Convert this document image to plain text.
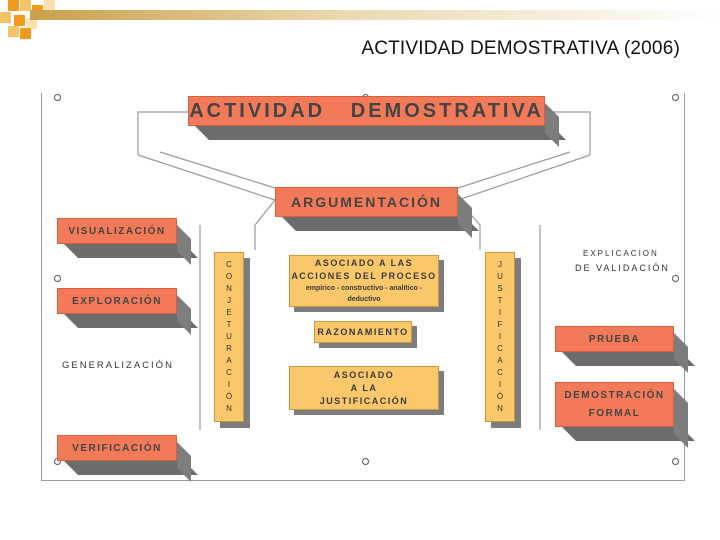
ACTIVIDAD DEMOSTRATIVA (2006)
ACTIVIDAD   DEMOSTRATIVA
ARGUMENTACIÓN
VISUALIZACIÓN
EXPLORACIÓN
GENERALIZACIÓN
VERIFICACIÓN
C
O
N
J
E
T
U
R
A
C
I
Ó
N
J
U
S
T
I
F
I
C
A
C
I
Ó
N
ASOCIADO A LAS
ACCIONES DEL PROCESO
empírico - constructivo - analítico - deductivo
RAZONAMIENTO
ASOCIADO
A LA
JUSTIFICACIÓN
EXPLICACION
DE VALIDACIÓN
PRUEBA
DEMOSTRACIÓN
FORMAL
